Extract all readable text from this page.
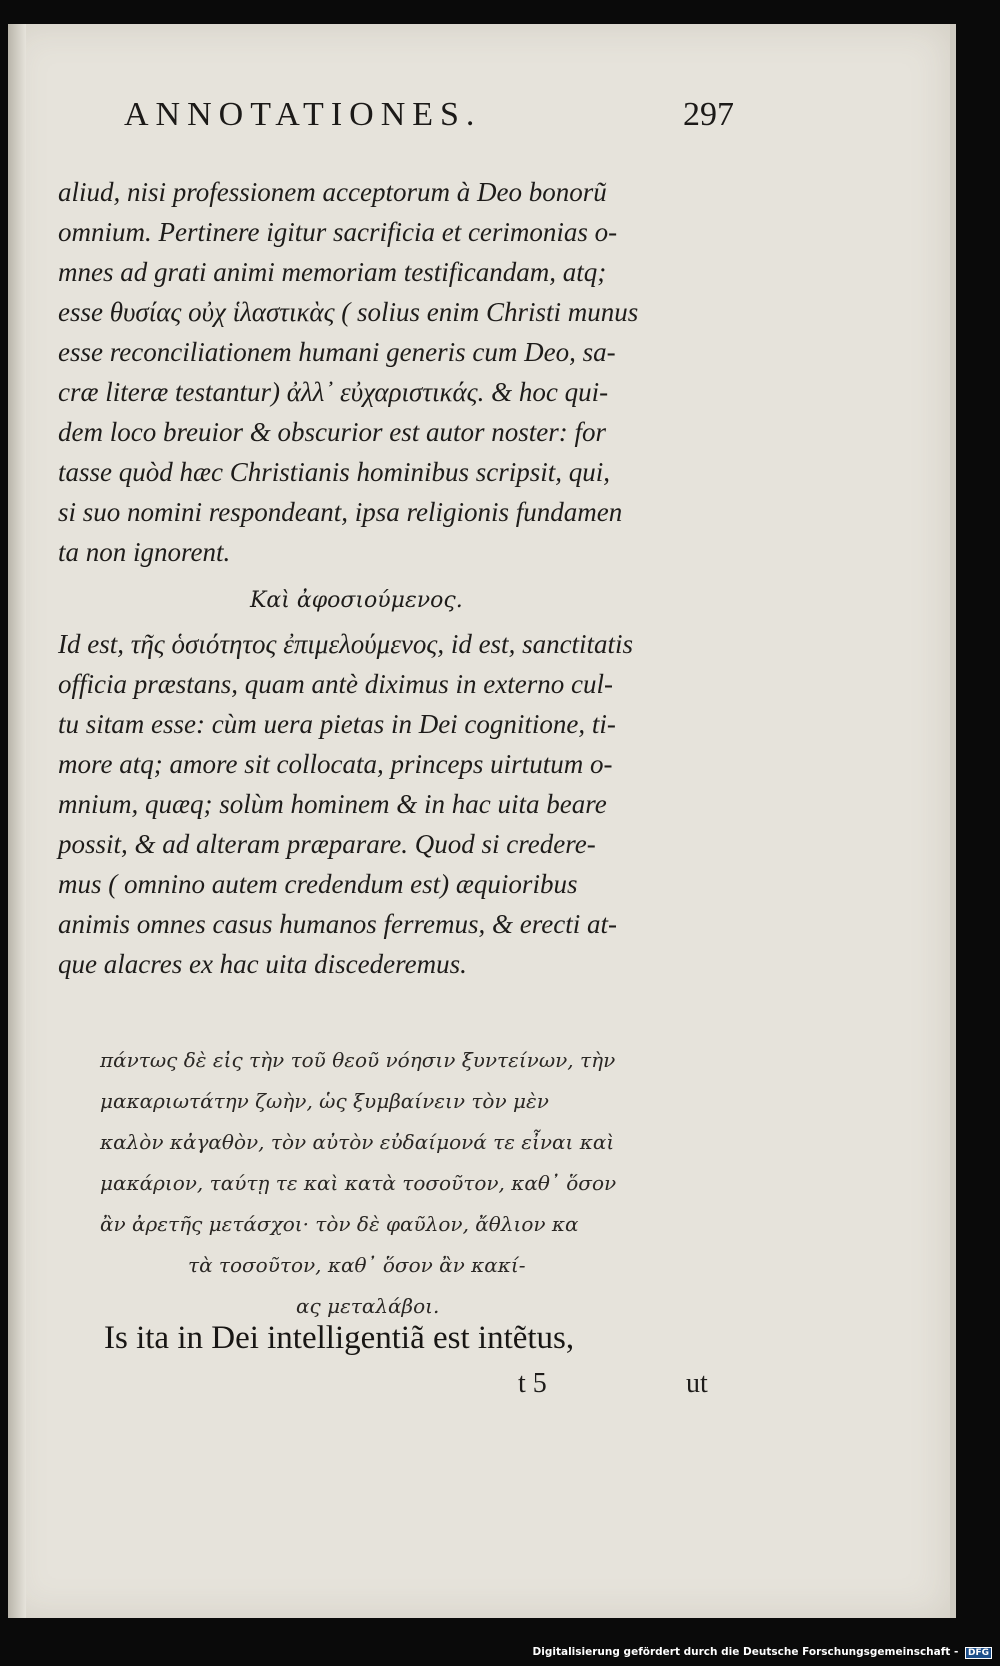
ANNOTATIONES.	297
aliud, nisi professionem acceptorum à Deo bonorũ
omnium. Pertinere igitur sacrificia et cerimonias o-
mnes ad grati animi memoriam testificandam, atq;
esse θυσίας οὐχ ἱλαστικὰς ( solius enim Christi munus
esse reconciliationem humani generis cum Deo, sa-
cræ literæ testantur) ἀλλ᾽ εὐχαριστικάς. & hoc qui-
dem loco breuior & obscurior est autor noster: for
tasse quòd hæc Christianis hominibus scripsit, qui,
si suo nomini respondeant, ipsa religionis fundamen
ta non ignorent.
Καὶ ἀφοσιούμενος.
Id est, τῆς ὁσιότητος ἐπιμελούμενος, id est, sanctitatis
officia præstans, quam antè diximus in externo cul-
tu sitam esse: cùm uera pietas in Dei cognitione, ti-
more atq; amore sit collocata, princeps uirtutum o-
mnium, quæq; solùm hominem & in hac uita beare
possit, & ad alteram præparare. Quod si credere-
mus ( omnino autem credendum est) æquioribus
animis omnes casus humanos ferremus, & erecti at-
que alacres ex hac uita discederemus.
πάντως δὲ εἰς τὴν τοῦ θεοῦ νόησιν ξυντείνων, τὴν
μακαριωτάτην ζωὴν, ὡς ξυμβαίνειν τὸν μὲν
καλὸν κἀγαθὸν, τὸν αὐτὸν εὐδαίμονά τε εἶναι καὶ
μακάριον, ταύτῃ τε καὶ κατὰ τοσοῦτον, καθ᾽ ὅσον
ἂν ἀρετῆς μετάσχοι· τὸν δὲ φαῦλον, ἄθλιον κα
τὰ τοσοῦτον, καθ᾽ ὅσον ἂν κακί-
ας μεταλάβοι.
Is ita in Dei intelligentiã est intẽtus,
t 5	ut
Digitalisierung gefördert durch die Deutsche Forschungsgemeinschaft - DFG
